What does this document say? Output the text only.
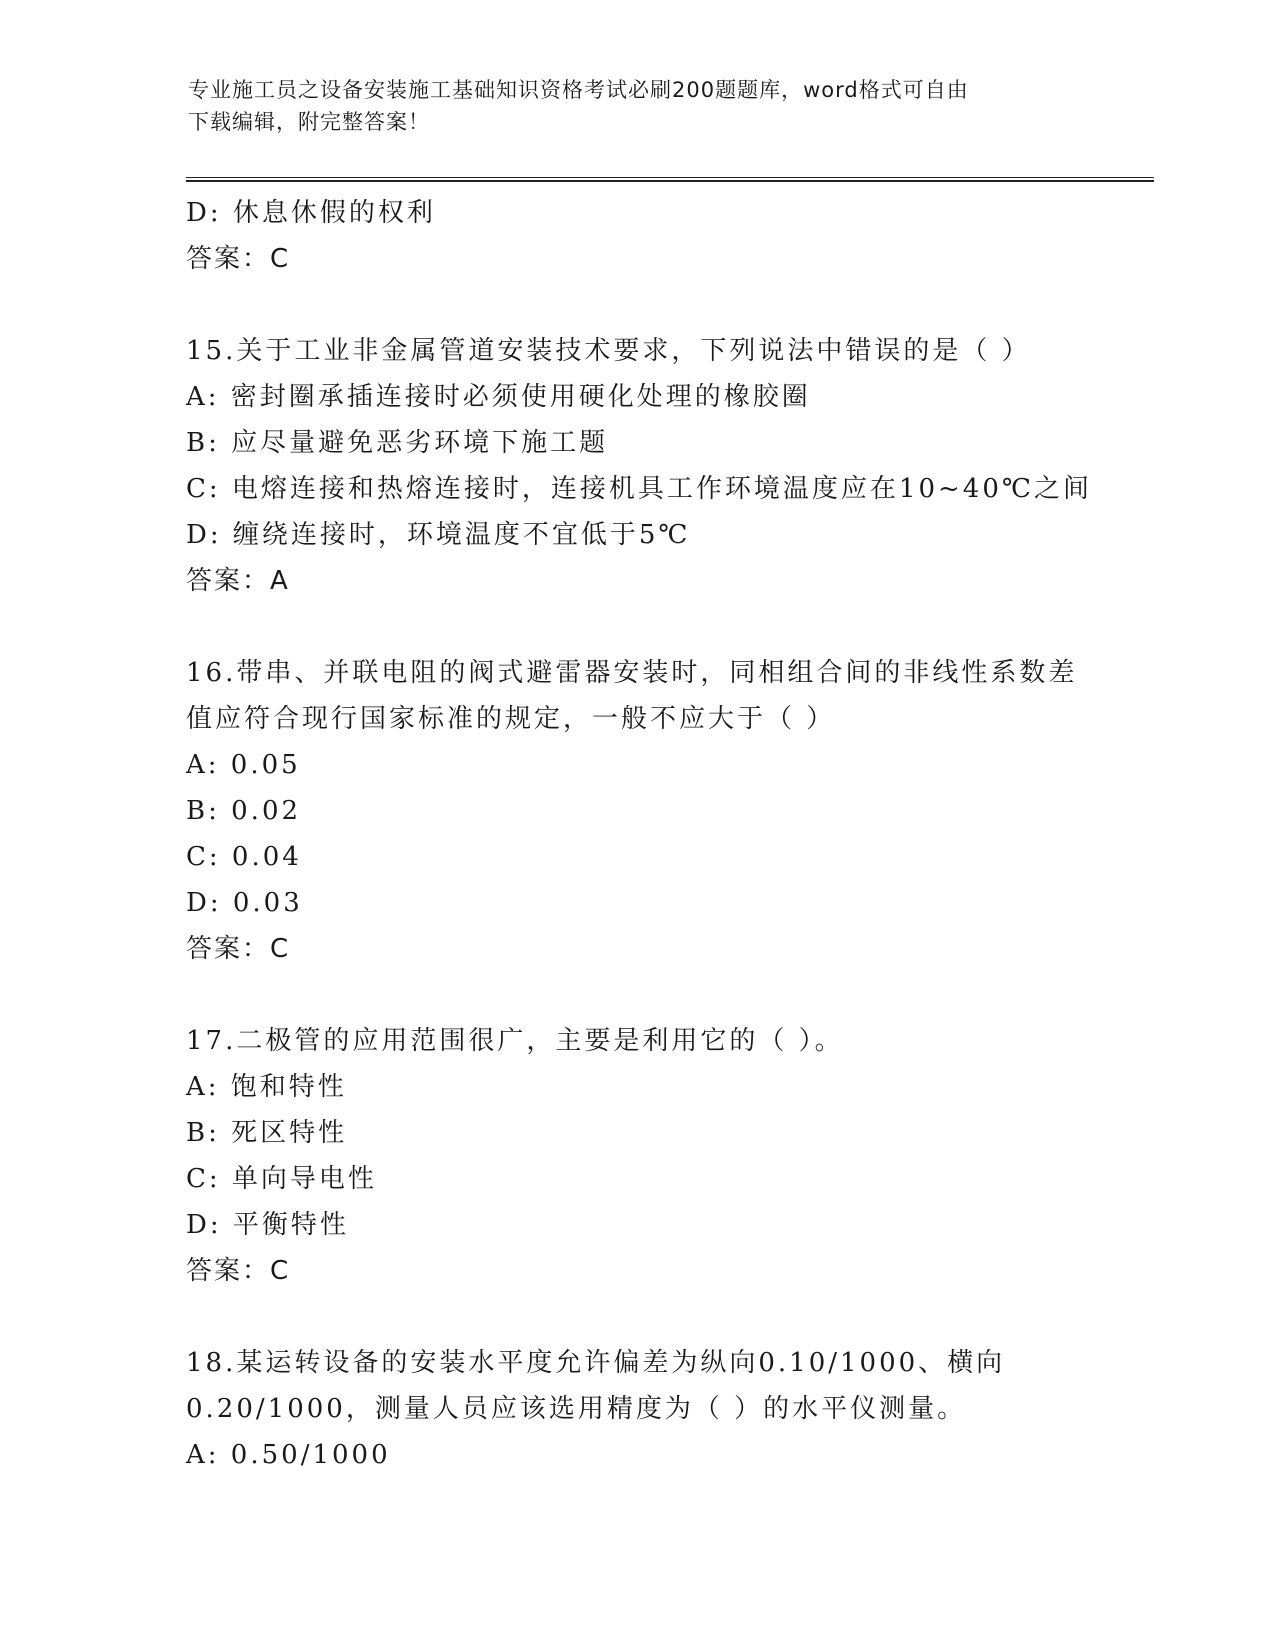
专业施工员之设备安装施工基础知识资格考试必刷200题题库，word格式可自由
下载编辑，附完整答案！
D: 休息休假的权利
答案：C
15.关于工业非金属管道安装技术要求，下列说法中错误的是（ ）
A: 密封圈承插连接时必须使用硬化处理的橡胶圈
B: 应尽量避免恶劣环境下施工题
C: 电熔连接和热熔连接时，连接机具工作环境温度应在10~40℃之间
D: 缠绕连接时，环境温度不宜低于5℃
答案：A
16.带串、并联电阻的阀式避雷器安装时，同相组合间的非线性系数差
值应符合现行国家标准的规定，一般不应大于（ ）
A: 0.05
B: 0.02
C: 0.04
D: 0.03
答案：C
17.二极管的应用范围很广，主要是利用它的（ ）。
A: 饱和特性
B: 死区特性
C: 单向导电性
D: 平衡特性
答案：C
18.某运转设备的安装水平度允许偏差为纵向0.10/1000、横向
0.20/1000，测量人员应该选用精度为（ ）的水平仪测量。
A: 0.50/1000
